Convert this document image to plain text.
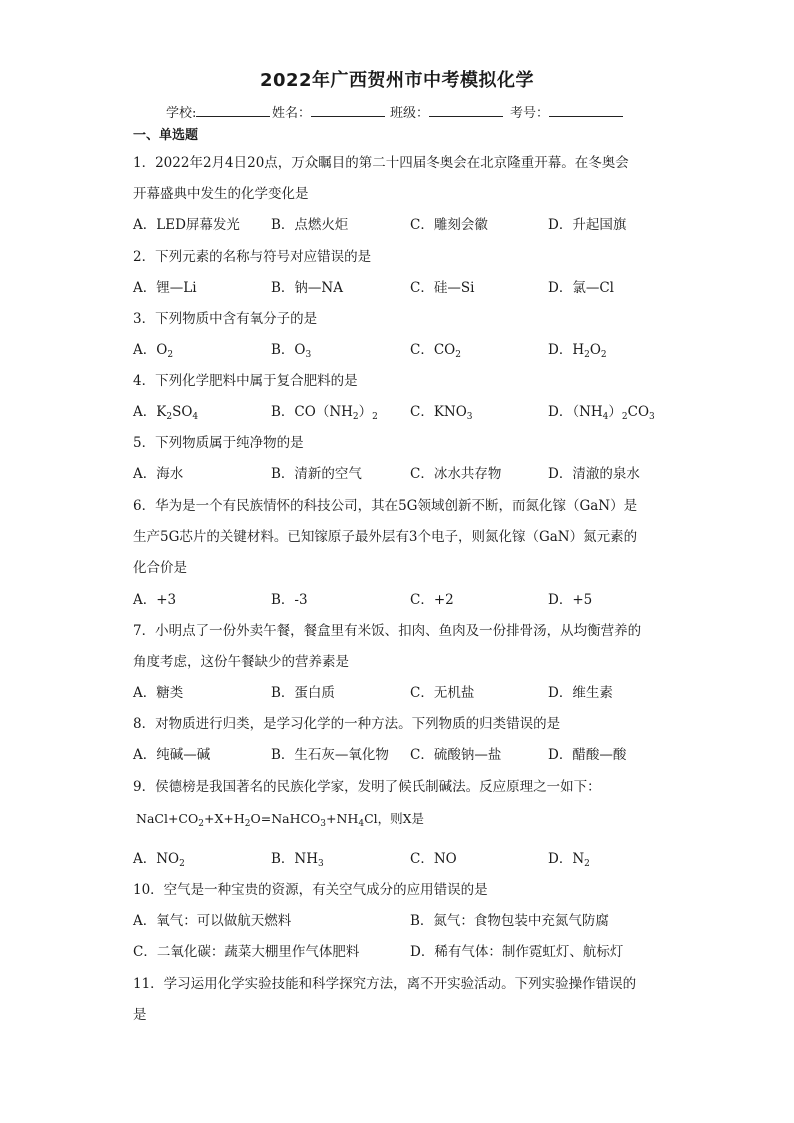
2022年广西贺州市中考模拟化学
学校:	姓名：	班级：	考号：
一、单选题
1．2022年2月4日20点，万众瞩目的第二十四届冬奥会在北京隆重开幕。在冬奥会
开幕盛典中发生的化学变化是
A．LED屏幕发光 B．点燃火炬	C．雕刻会徽	D．升起国旗
2．下列元素的名称与符号对应错误的是
A．锂—Li	B．钠—NA	C．硅—Si	D．氯—Cl
3．下列物质中含有氧分子的是
A．$O_2$	B．$O_3$	C．$CO_2$	D．$H_2O_2$
4．下列化学肥料中属于复合肥料的是
A．$K_2SO_4$	B．$CO(NH_2)_2$ C．$KNO_3$	D．$(NH_4)_2CO_3$
5．下列物质属于纯净物的是
A．海水	B．清新的空气	C．冰水共存物	D．清澈的泉水
6．华为是一个有民族情怀的科技公司，其在5G领域创新不断，而氮化镓（GaN）是
生产5G芯片的关键材料。已知镓原子最外层有3个电子，则氮化镓（GaN）氮元素的
化合价是
A．+3	B．-3	C．+2	D．+5
7．小明点了一份外卖午餐，餐盒里有米饭、扣肉、鱼肉及一份排骨汤，从均衡营养的
角度考虑，这份午餐缺少的营养素是
A．糖类	B．蛋白质	C．无机盐	D．维生素
8．对物质进行归类，是学习化学的一种方法。下列物质的归类错误的是
A．纯碱—碱	B．生石灰—氧化物 C．硫酸钠—盐	D．醋酸—酸
9．侯德榜是我国著名的民族化学家，发明了候氏制碱法。反应原理之一如下：
$NaCl+CO_2+X+H_2O=NaHCO_3+NH_4Cl$，则X是
A．$NO_2$	B．$NH_3$	C．NO	D．$N_2$
10．空气是一种宝贵的资源，有关空气成分的应用错误的是
A．氧气：可以做航天燃料	B．氮气：食物包装中充氮气防腐
C．二氧化碳：蔬菜大棚里作气体肥料	D．稀有气体：制作霓虹灯、航标灯
11．学习运用化学实验技能和科学探究方法，离不开实验活动。下列实验操作错误的
是
